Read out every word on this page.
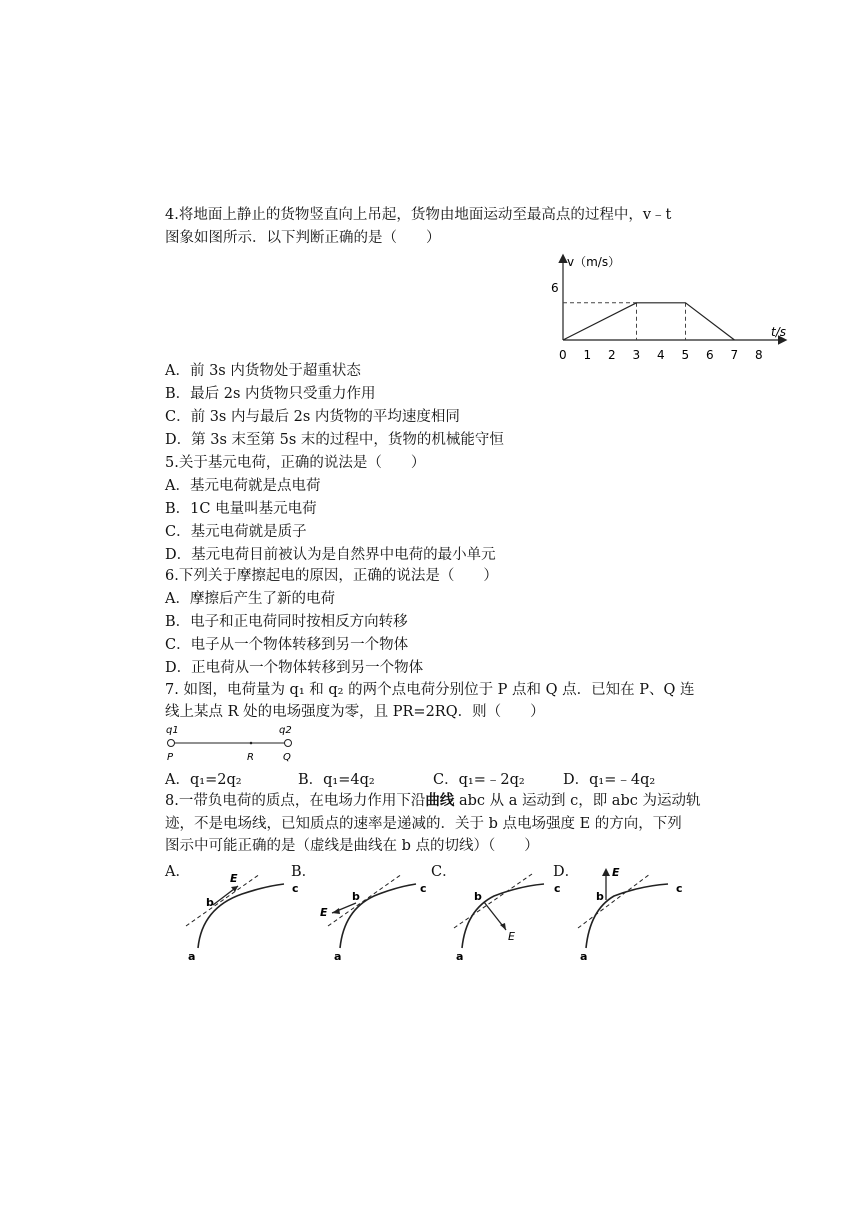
4.将地面上静止的货物竖直向上吊起，货物由地面运动至最高点的过程中，v﹣t
图象如图所示．以下判断正确的是（　　）
v（m/s）
t/s
0 1 2 3 4 5 6 7 8
6
A．前 3s 内货物处于超重状态
B．最后 2s 内货物只受重力作用
C．前 3s 内与最后 2s 内货物的平均速度相同
D．第 3s 末至第 5s 末的过程中，货物的机械能守恒
5.关于基元电荷，正确的说法是（　　）
A．基元电荷就是点电荷
B．1C 电量叫基元电荷
C．基元电荷就是质子
D．基元电荷目前被认为是自然界中电荷的最小单元
6.下列关于摩擦起电的原因，正确的说法是（　　）
A．摩擦后产生了新的电荷
B．电子和正电荷同时按相反方向转移
C．电子从一个物体转移到另一个物体
D．正电荷从一个物体转移到另一个物体
7. 如图，电荷量为 q₁ 和 q₂ 的两个点电荷分别位于 P 点和 Q 点．已知在 P、Q 连
线上某点 R 处的电场强度为零，且 PR=2RQ．则（　　）
q1	q2
P	R	Q
A．q₁=2q₂	B．q₁=4q₂	C．q₁=﹣2q₂	D．q₁=﹣4q₂
8.一带负电荷的质点，在电场力作用下沿曲线 abc 从 a 运动到 c，即 abc 为运动轨
迹，不是电场线，已知质点的速率是递减的．关于 b 点电场强度 E 的方向，下列
图示中可能正确的是（虚线是曲线在 b 点的切线）（　　）
A．	B．	C．	D．
E
b
c
a
E
b
c
a
E
b
c
a
E
b
c
a
